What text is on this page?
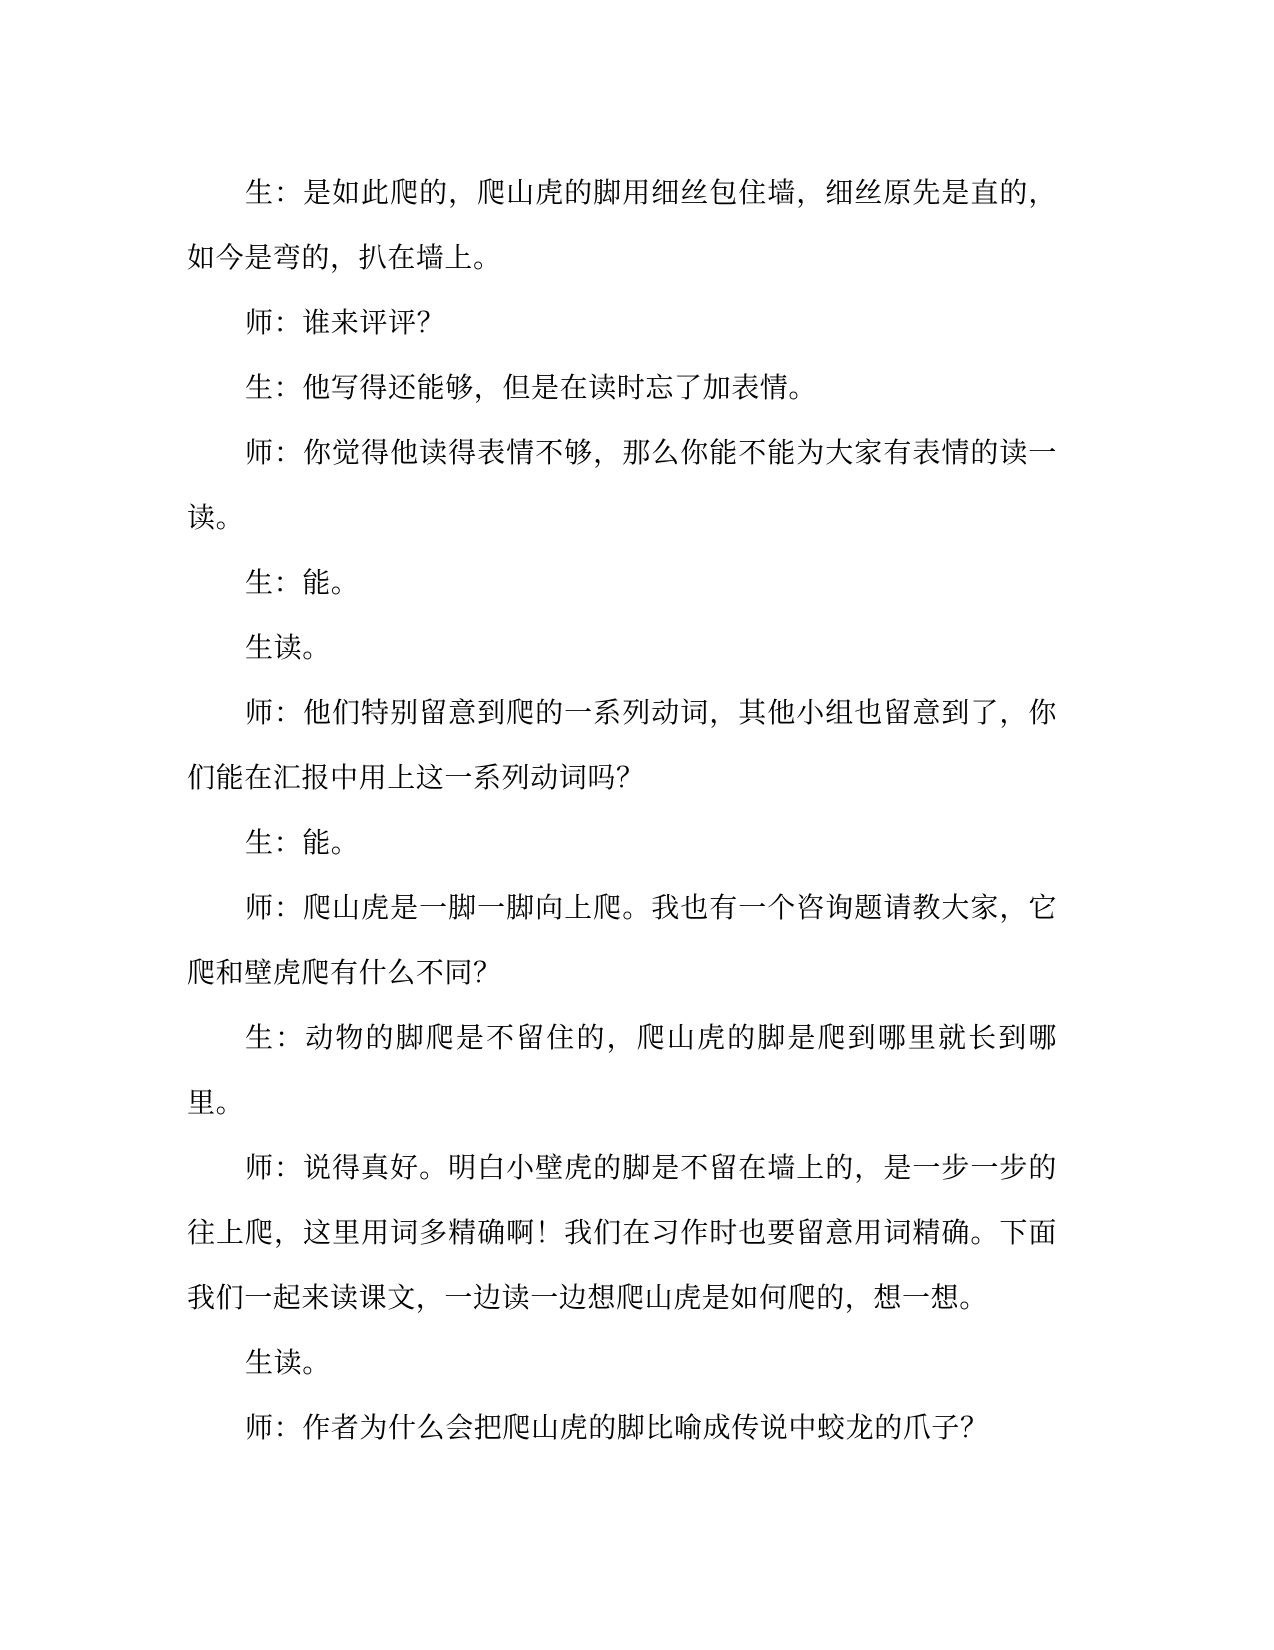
生：是如此爬的，爬山虎的脚用细丝包住墙，细丝原先是直的，如今是弯的，扒在墙上。

师：谁来评评？

生：他写得还能够，但是在读时忘了加表情。

师：你觉得他读得表情不够，那么你能不能为大家有表情的读一读。

生：能。

生读。

师：他们特别留意到爬的一系列动词，其他小组也留意到了，你们能在汇报中用上这一系列动词吗？

生：能。

师：爬山虎是一脚一脚向上爬。我也有一个咨询题请教大家，它爬和壁虎爬有什么不同？

生：动物的脚爬是不留住的，爬山虎的脚是爬到哪里就长到哪里。

师：说得真好。明白小壁虎的脚是不留在墙上的，是一步一步的往上爬，这里用词多精确啊！我们在习作时也要留意用词精确。下面我们一起来读课文，一边读一边想爬山虎是如何爬的，想一想。

生读。

师：作者为什么会把爬山虎的脚比喻成传说中蛟龙的爪子？
